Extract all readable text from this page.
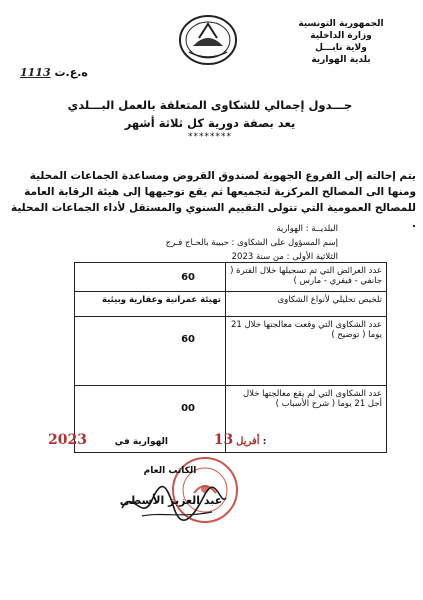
الجمهورية التونسية
وزارة الداخلية
ولاية نابـــل
بلدية الهوارية
ه.ع.ت 1113
جـــدول إجمالي للشكاوى المتعلقة بالعمل البـــلدي
يعد بصفة دورية كل ثلاثة أشهر
********
يتم إحالته إلى الفروع الجهوية لصندوق القروض ومساعدة الجماعات المحلية ومنها الى المصالح المركزية لتجميعها ثم يقع توجيهها إلى هيئة الرقابة العامة للمصالح العمومية التي تتولى التقييم السنوي والمستقل لأداء الجماعات المحلية .
البلديــة : الهوارية
إسم المسؤول على الشكاوى : حبيبة بالحـاج فـرج
الثلاثية الأولى : من سنة 2023
عدد العرائض التي تم تسجيلها خلال الفترة ( جانفي - فيفري - مارس )	60

تلخيص تحليلي لأنواع الشكاوى	تهيئة عمرانية وعقارية وبيئية
عدد الشكاوى التي وقعت معالجتها خلال 21 يوما ( توضيح )	60

عدد الشكاوى التي لم يقع معالجتها خلال أجل 21 يوما ( شرح الأسباب )	00
2023	أفريل 13  الهوارية في :
الكاتب العام
عبد العزيز الأسطى
